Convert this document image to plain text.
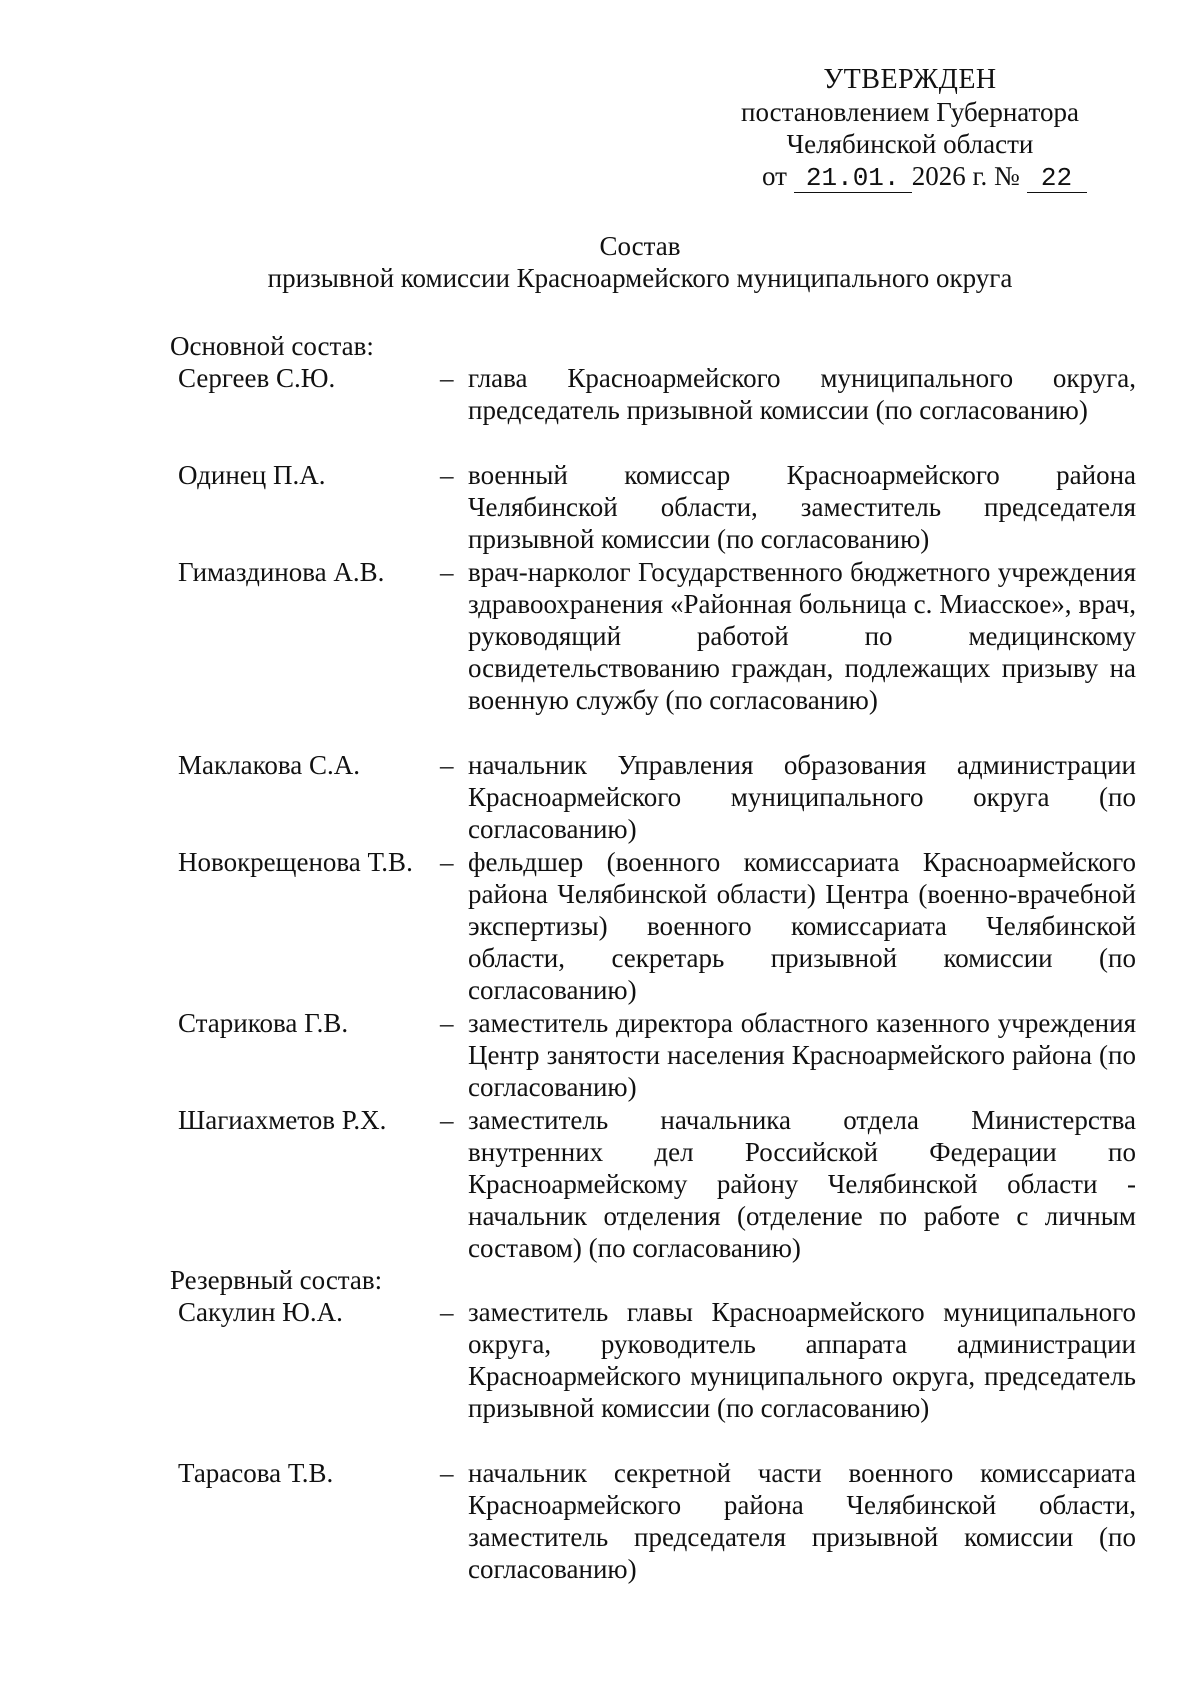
УТВЕРЖДЕН
постановлением Губернатора
Челябинской области
от 21.01. 2026 г. № 22
Состав
призывной комиссии Красноармейского муниципального округа
Основной состав:
Сергеев С.Ю.	– глава Красноармейского муниципального округа, председатель призывной комиссии (по согласованию)
Одинец П.А.	– военный комиссар Красноармейского района Челябинской области, заместитель председателя призывной комиссии (по согласованию)
Гимаздинова А.В. – врач-нарколог Государственного бюджетного учреждения здравоохранения «Районная больница с. Миасское», врач, руководящий работой по медицинскому освидетельствованию граждан, подлежащих призыву на военную службу (по согласованию)
Маклакова С.А.	– начальник Управления образования администрации Красноармейского муниципального округа (по согласованию)
Новокрещенова Т.В. – фельдшер (военного комиссариата Красноармейского района Челябинской области) Центра (военно-врачебной экспертизы) военного комиссариата Челябинской области, секретарь призывной комиссии (по согласованию)
Старикова Г.В.	– заместитель директора областного казенного учреждения Центр занятости населения Красноармейского района (по согласованию)
Шагиахметов Р.Х. – заместитель начальника отдела Министерства внутренних дел Российской Федерации по Красноармейскому району Челябинской области - начальник отделения (отделение по работе с личным составом) (по согласованию)
Резервный состав:
Сакулин Ю.А.	– заместитель главы Красноармейского муниципального округа, руководитель аппарата администрации Красноармейского муниципального округа, председатель призывной комиссии (по согласованию)
Тарасова Т.В.	– начальник секретной части военного комиссариата Красноармейского района Челябинской области, заместитель председателя призывной комиссии (по согласованию)
